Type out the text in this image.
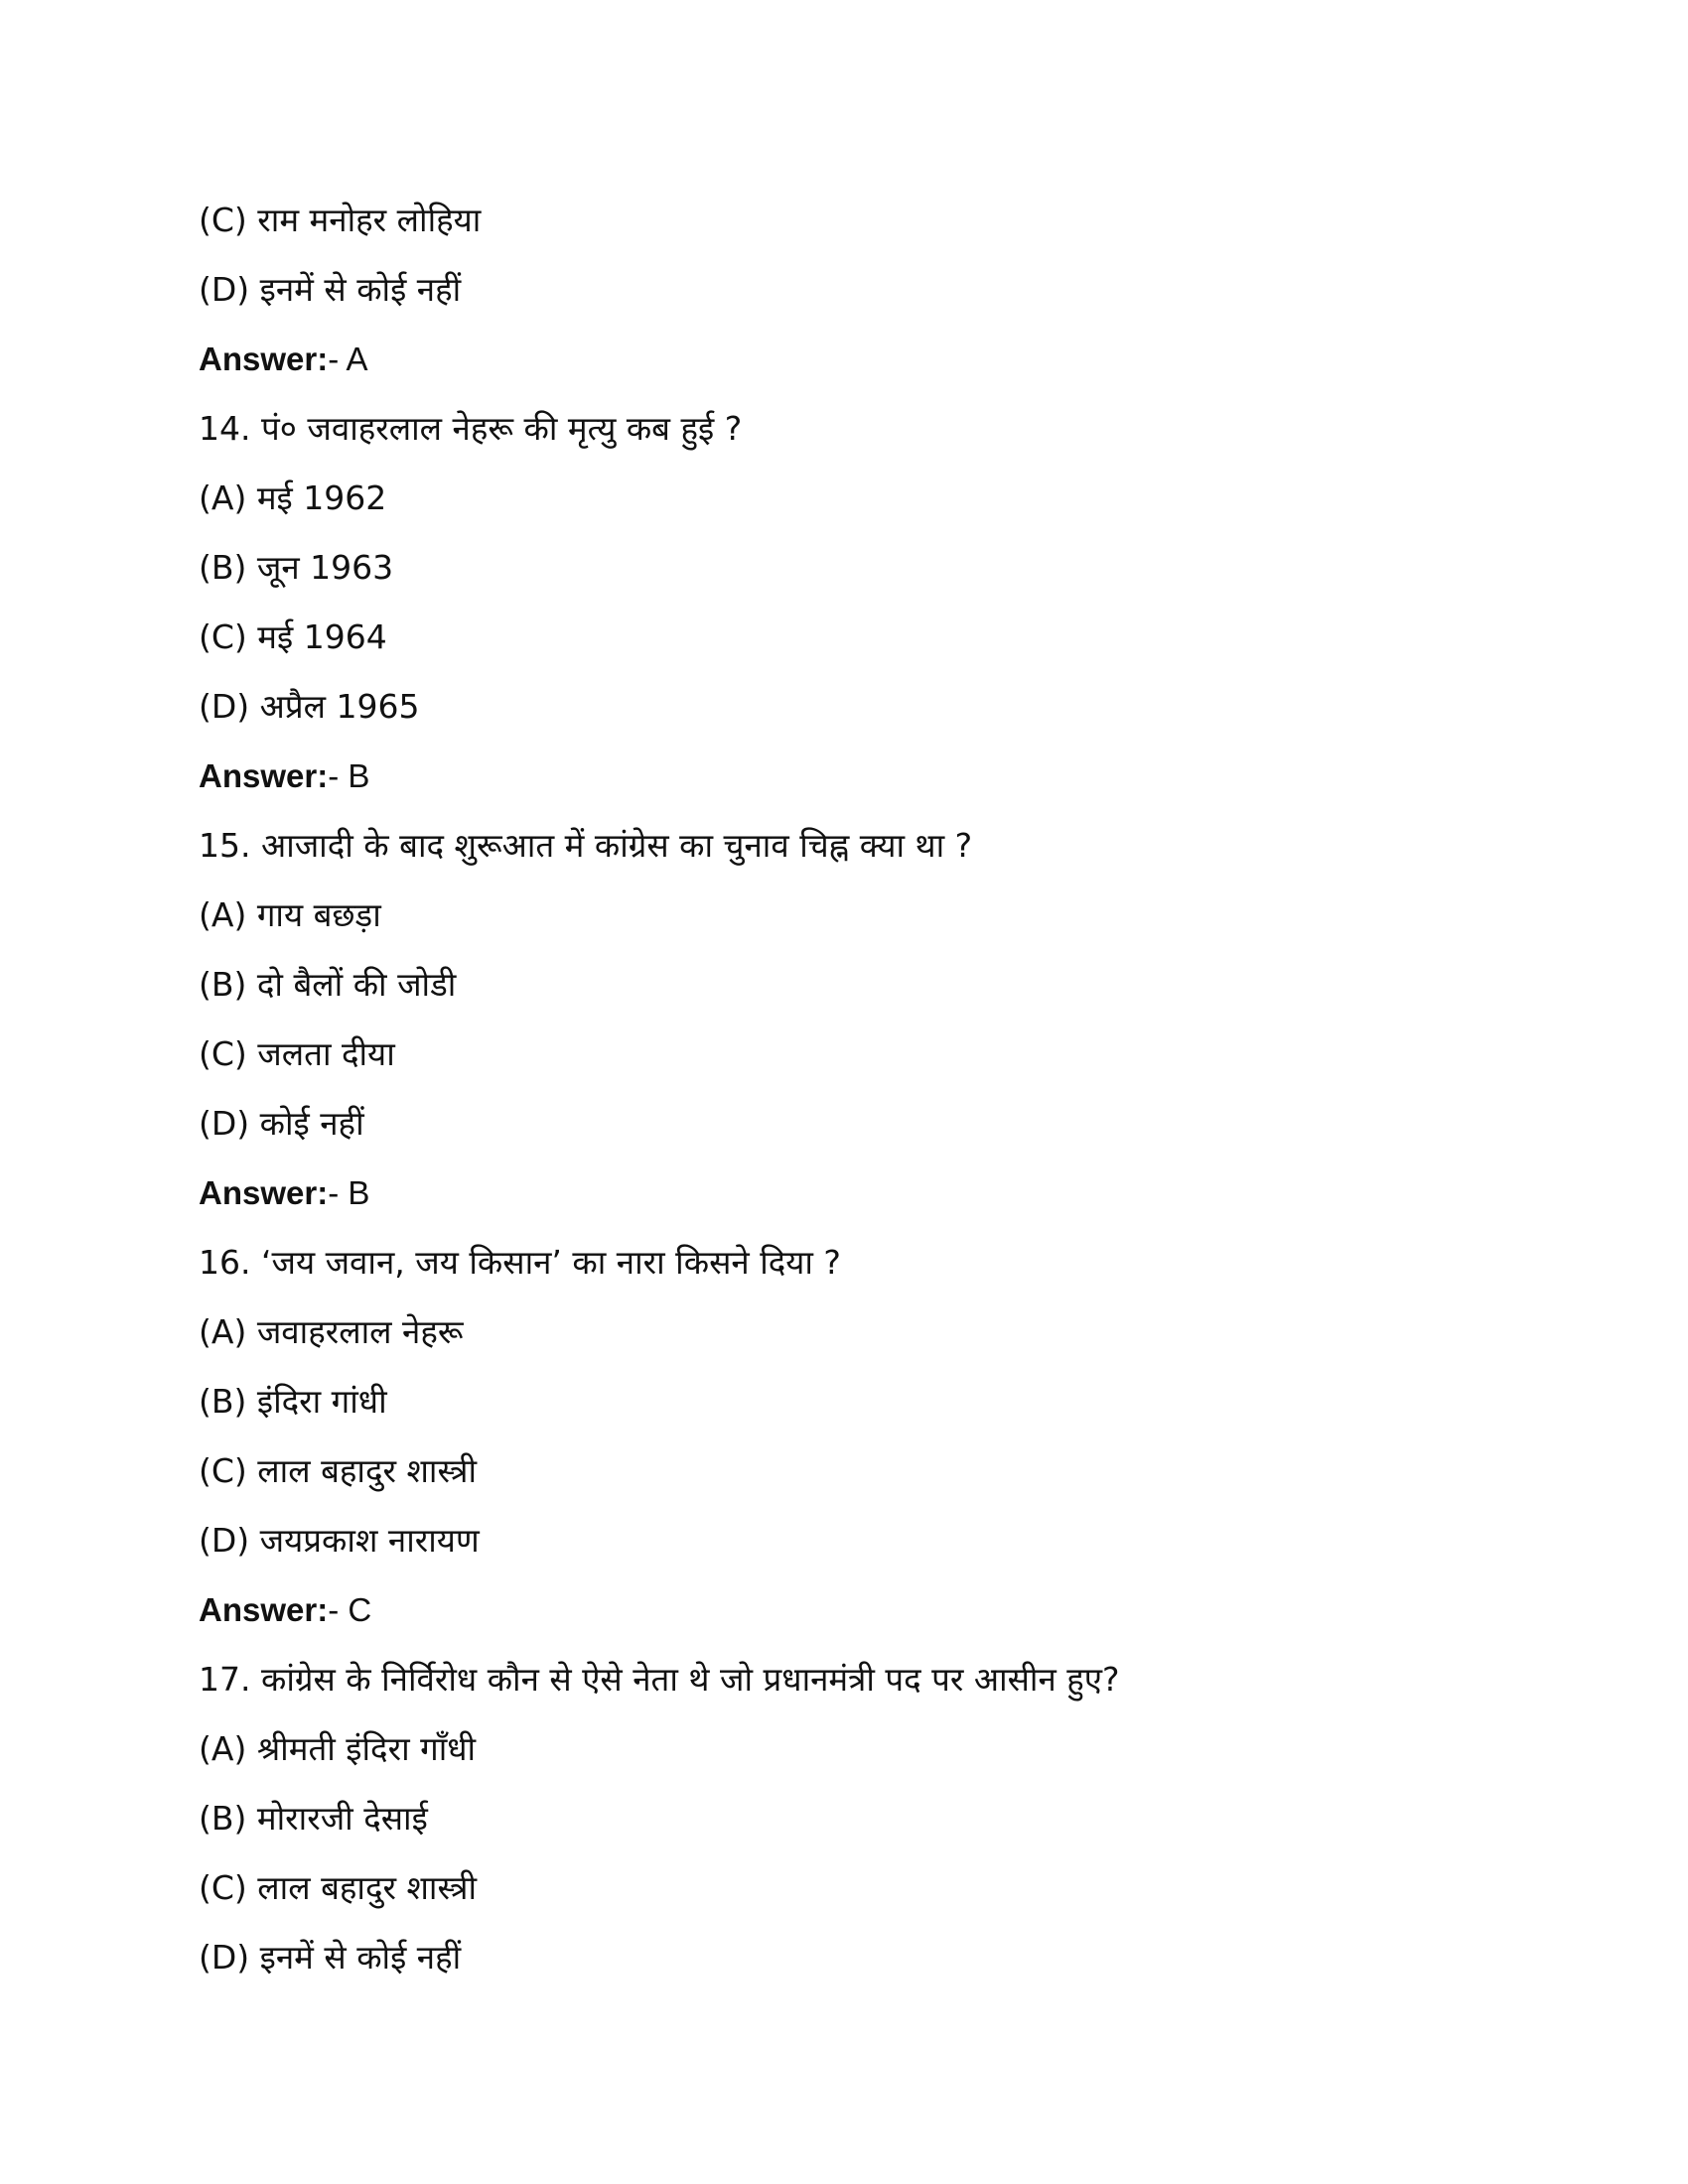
(C) राम मनोहर लोहिया
(D) इनमें से कोई नहीं
Answer:- A
14. पं० जवाहरलाल नेहरू की मृत्यु कब हुई ?
(A) मई 1962
(B) जून 1963
(C) मई 1964
(D) अप्रैल 1965
Answer:- B
15. आजादी के बाद शुरूआत में कांग्रेस का चुनाव चिह्न क्या था ?
(A) गाय बछड़ा
(B) दो बैलों की जोडी
(C) जलता दीया
(D) कोई नहीं
Answer:- B
16. ‘जय जवान, जय किसान’ का नारा किसने दिया ?
(A) जवाहरलाल नेहरू
(B) इंदिरा गांधी
(C) लाल बहादुर शास्त्री
(D) जयप्रकाश नारायण
Answer:- C
17. कांग्रेस के निर्विरोध कौन से ऐसे नेता थे जो प्रधानमंत्री पद पर आसीन हुए?
(A) श्रीमती इंदिरा गाँधी
(B) मोरारजी देसाई
(C) लाल बहादुर शास्त्री
(D) इनमें से कोई नहीं
